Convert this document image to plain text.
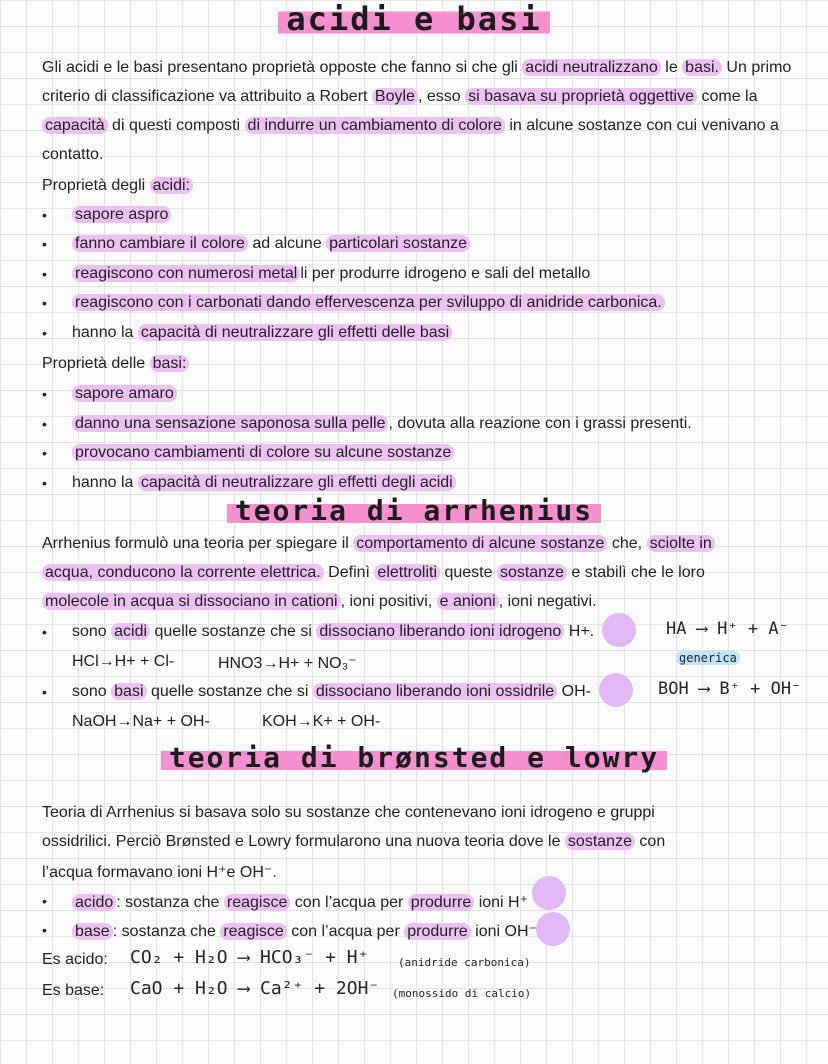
acidi e basi
Gli acidi e le basi presentano proprietà opposte che fanno si che gli acidi neutralizzano le basi. Un primo criterio di classificazione va attribuito a Robert Boyle , esso si basava su proprietà oggettive come la capacità di questi composti di indurre un cambiamento di colore in alcune sostanze con cui venivano a contatto.
Proprietà degli acidi:
• sapore aspro
• fanno cambiare il colore ad alcune particolari sostanze
• reagiscono con numerosi metal li per produrre idrogeno e sali del metallo
• reagiscono con i carbonati dando effervescenza per sviluppo di anidride carbonica.
• hanno la capacità di neutralizzare gli effetti delle basi
Proprietà delle basi:
• sapore amaro
• danno una sensazione saponosa sulla pelle , dovuta alla reazione con i grassi presenti.
• provocano cambiamenti di colore su alcune sostanze
• hanno la capacità di neutralizzare gli effetti degli acidi
teoria di arrhenius
Arrhenius formulò una teoria per spiegare il comportamento di alcune sostanze che, sciolte in
acqua, conducono la corrente elettrica. Definì elettroliti queste sostanze e stabilì che le loro
molecole in acqua si dissociano in cationi , ioni positivi, e anioni , ioni negativi.
• sono acidi quelle sostanze che si dissociano liberando ioni idrogeno H+.	HA ⟶ H⁺ + A⁻
HCl→H+ + Cl-	HNO3→H+ + NO₃⁻	generica
• sono basi quelle sostanze che si dissociano liberando ioni ossidrile OH-	BOH ⟶ B⁺ + OH⁻
NaOH→Na+ + OH-	KOH→K+ + OH-
teoria di brønsted e lowry
Teoria di Arrhenius si basava solo su sostanze che contenevano ioni idrogeno e gruppi
ossidrilici. Perciò Brønsted e Lowry formularono una nuova teoria dove le sostanze con
l’acqua formavano ioni H⁺e OH⁻.
• acido : sostanza che reagisce con l’acqua per produrre ioni H⁺
• base : sostanza che reagisce con l’acqua per produrre ioni OH⁻
Es acido: CO₂ + H₂O ⟶ HCO₃⁻ + H⁺	(anidride carbonica)
Es base: CaO + H₂O ⟶ Ca²⁺ + 2OH⁻ (monossido di calcio)
